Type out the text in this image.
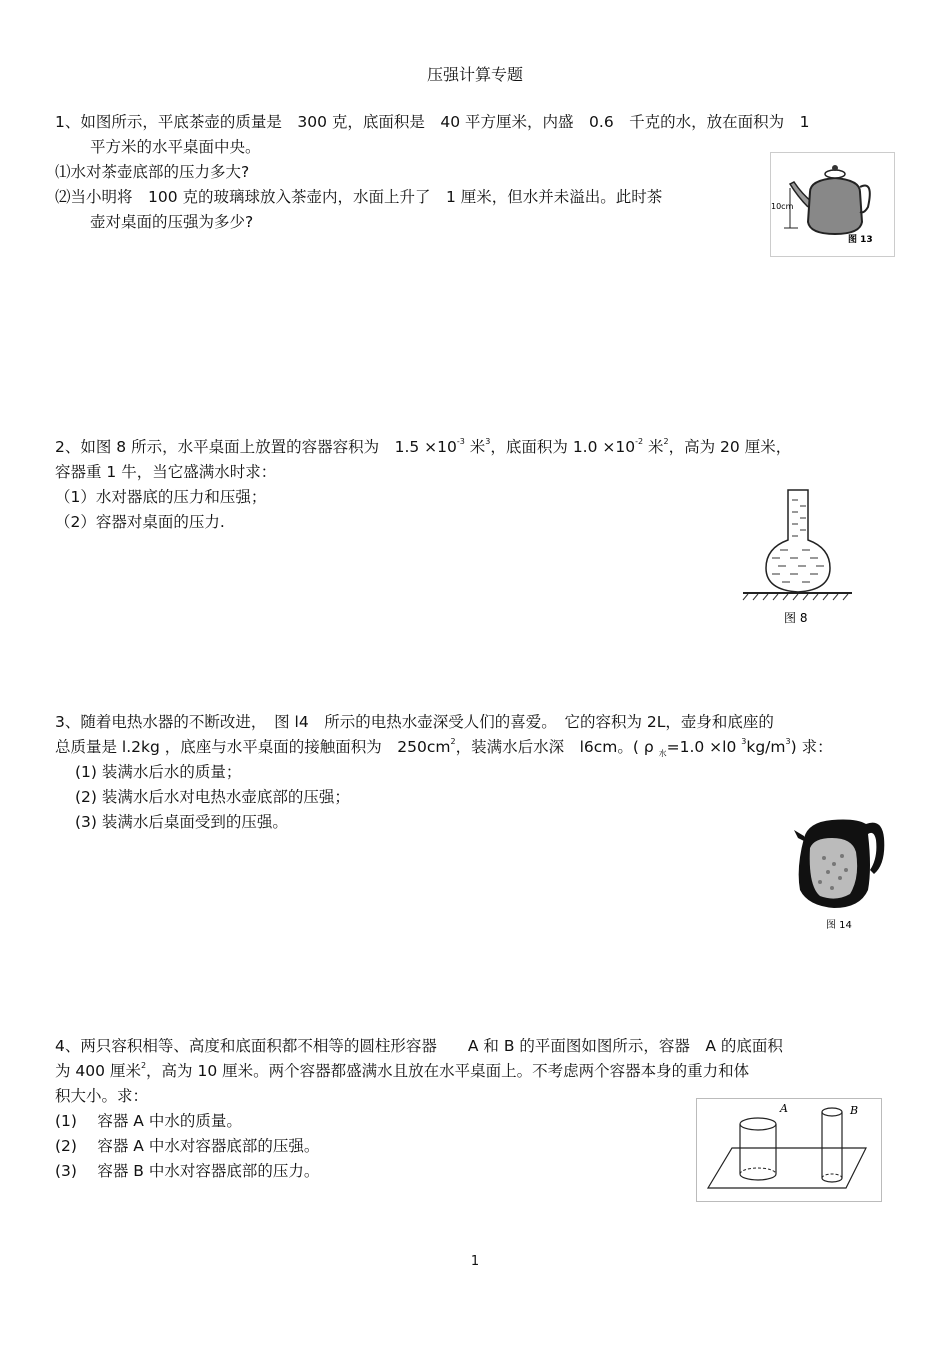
压强计算专题
1、如图所示，平底茶壶的质量是　300 克，底面积是　40 平方厘米，内盛　0.6　千克的水，放在面积为　1
平方米的水平桌面中央。
⑴水对茶壶底部的压力多大?
⑵当小明将　100 克的玻璃球放入茶壶内，水面上升了　1 厘米，但水并未溢出。此时茶
壶对桌面的压强为多少?
10cm
图 13
2、如图 8 所示，水平桌面上放置的容器容积为　$1.5 \times 10^{-3}$ 米$^3$，底面积为 $1.0 \times 10^{-2}$ 米$^2$，高为 20 厘米，
容器重 1 牛，当它盛满水时求：
（1）水对器底的压力和压强；
（2）容器对桌面的压力.
图 8
3、随着电热水器的不断改进，　图 l4　所示的电热水壶深受人们的喜爱。　它的容积为 2L，壶身和底座的
总质量是 l.2kg ，底座与水平桌面的接触面积为　$250cm^2$，装满水后水深　l6cm。( ρ $_水$=1.0 ×l0 $^3kg/m^3$) 求：
(1) 装满水后水的质量；
(2) 装满水后水对电热水壶底部的压强；
(3) 装满水后桌面受到的压强。
图 14
4、两只容积相等、高度和底面积都不相等的圆柱形容器　　A 和 B 的平面图如图所示，容器　A 的底面积
为 400 厘米$^2$，高为 10 厘米。两个容器都盛满水且放在水平桌面上。不考虑两个容器本身的重力和体
积大小。求：
(1)　 容器 A 中水的质量。
(2)　 容器 A 中水对容器底部的压强。
(3)　 容器 B 中水对容器底部的压力。
A	B
1
